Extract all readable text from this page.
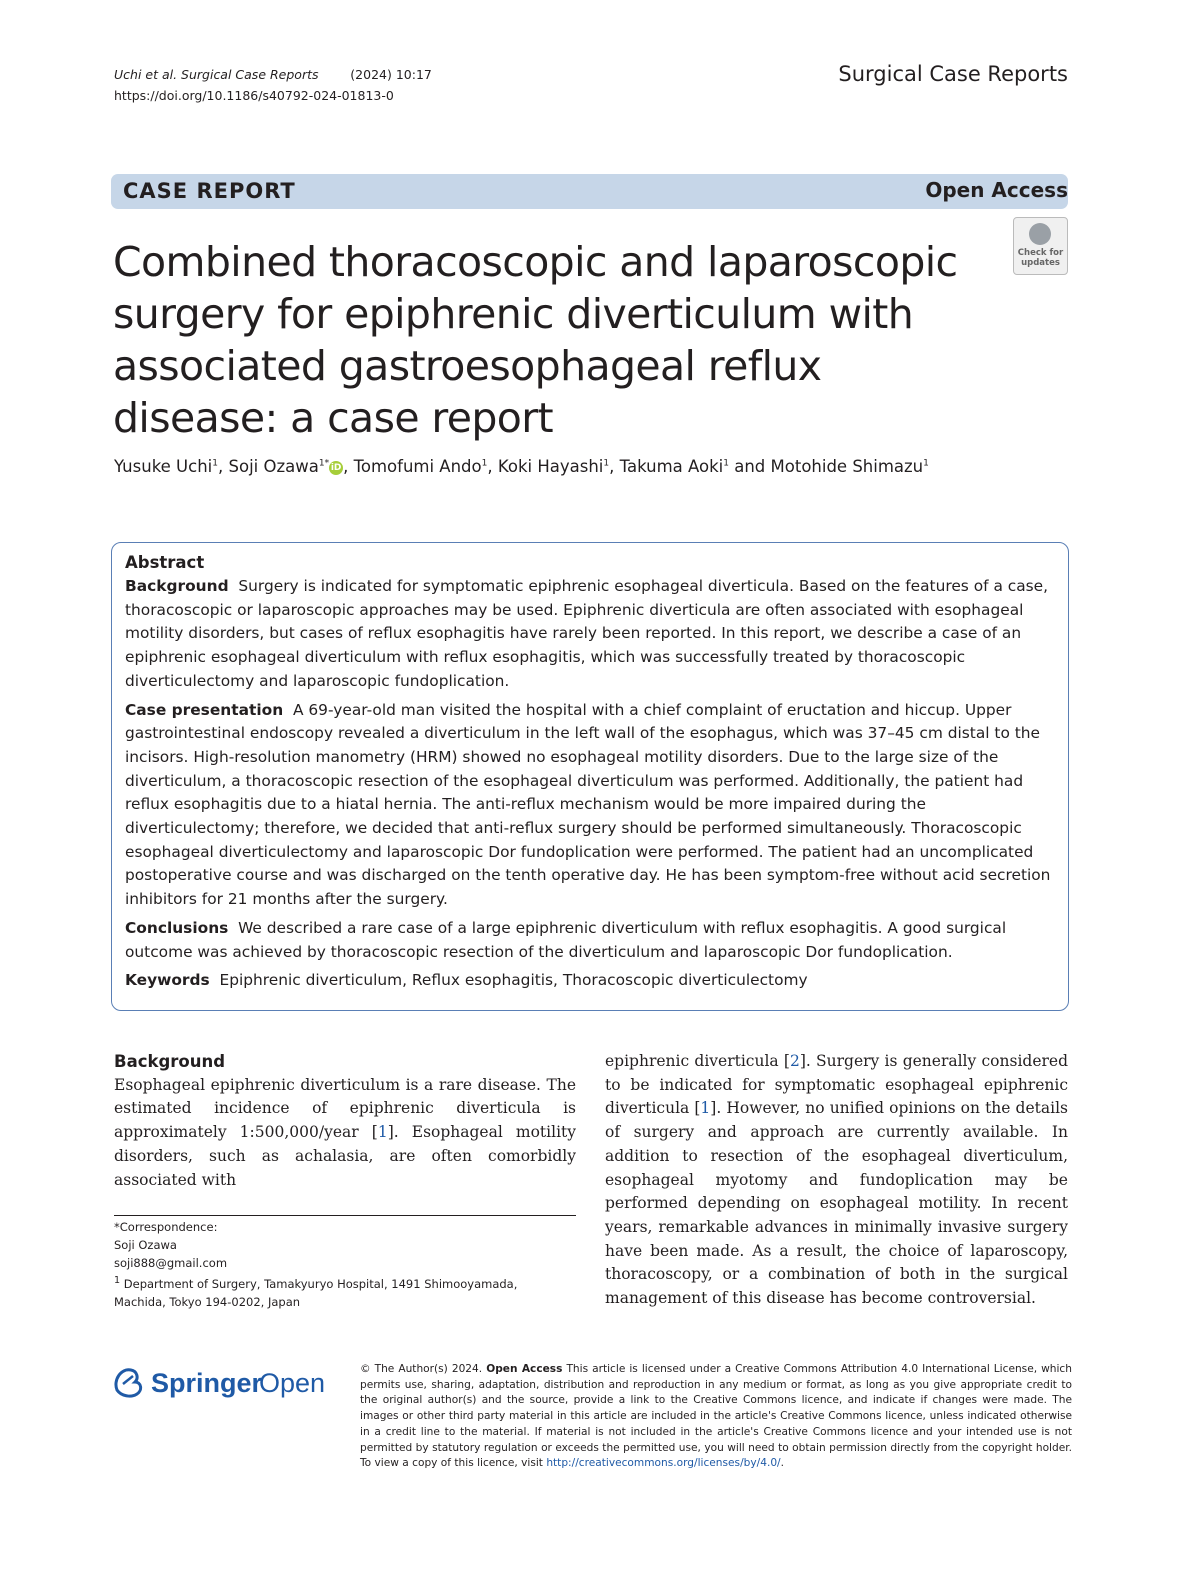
Uchi et al. Surgical Case Reports	(2024) 10:17
https://doi.org/10.1186/s40792-024-01813-0
Surgical Case Reports
CASE REPORT	Open Access
Combined thoracoscopic and laparoscopic surgery for epiphrenic diverticulum with associated gastroesophageal reflux disease: a case report
Check for updates
Yusuke Uchi$^1$, Soji Ozawa$^{1*}$ iD , Tomofumi Ando$^1$, Koki Hayashi$^1$, Takuma Aoki$^1$ and Motohide Shimazu$^1$
Abstract

Background Surgery is indicated for symptomatic epiphrenic esophageal diverticula. Based on the features of a case, thoracoscopic or laparoscopic approaches may be used. Epiphrenic diverticula are often associated with esophageal motility disorders, but cases of reflux esophagitis have rarely been reported. In this report, we describe a case of an epiphrenic esophageal diverticulum with reflux esophagitis, which was successfully treated by thoracoscopic diverticulectomy and laparoscopic fundoplication.

Case presentation A 69-year-old man visited the hospital with a chief complaint of eructation and hiccup. Upper gastrointestinal endoscopy revealed a diverticulum in the left wall of the esophagus, which was 37–45 cm distal to the incisors. High-resolution manometry (HRM) showed no esophageal motility disorders. Due to the large size of the diverticulum, a thoracoscopic resection of the esophageal diverticulum was performed. Additionally, the patient had reflux esophagitis due to a hiatal hernia. The anti-reflux mechanism would be more impaired during the diverticulectomy; therefore, we decided that anti-reflux surgery should be performed simultaneously. Thoracoscopic esophageal diverticulectomy and laparoscopic Dor fundoplication were performed. The patient had an uncomplicated postoperative course and was discharged on the tenth operative day. He has been symptom-free without acid secretion inhibitors for 21 months after the surgery.

Conclusions We described a rare case of a large epiphrenic diverticulum with reflux esophagitis. A good surgical outcome was achieved by thoracoscopic resection of the diverticulum and laparoscopic Dor fundoplication.

Keywords Epiphrenic diverticulum, Reflux esophagitis, Thoracoscopic diverticulectomy

Background

Esophageal epiphrenic diverticulum is a rare disease. The estimated incidence of epiphrenic diverticula is approximately 1:500,000/year [1]. Esophageal motility disorders, such as achalasia, are often comorbidly associated with

epiphrenic diverticula [2]. Surgery is generally considered to be indicated for symptomatic esophageal epiphrenic diverticula [1]. However, no unified opinions on the details of surgery and approach are currently available. In addition to resection of the esophageal diverticulum, esophageal myotomy and fundoplication may be performed depending on esophageal motility. In recent years, remarkable advances in minimally invasive surgery have been made. As a result, the choice of laparoscopy, thoracoscopy, or a combination of both in the surgical management of this disease has become controversial.

*Correspondence:
Soji Ozawa
soji888@gmail.com
$^1$ Department of Surgery, Tamakyuryo Hospital, 1491 Shimooyamada,
Machida, Tokyo 194-0202, Japan
Springer
Open	© The Author(s) 2024. Open Access This article is licensed under a Creative Commons Attribution 4.0 International License, which permits use, sharing, adaptation, distribution and reproduction in any medium or format, as long as you give appropriate credit to the original author(s) and the source, provide a link to the Creative Commons licence, and indicate if changes were made. The images or other third party material in this article are included in the article's Creative Commons licence, unless indicated otherwise in a credit line to the material. If material is not included in the article's Creative Commons licence and your intended use is not permitted by statutory regulation or exceeds the permitted use, you will need to obtain permission directly from the copyright holder. To view a copy of this licence, visit http://creativecommons.org/licenses/by/4.0/.
